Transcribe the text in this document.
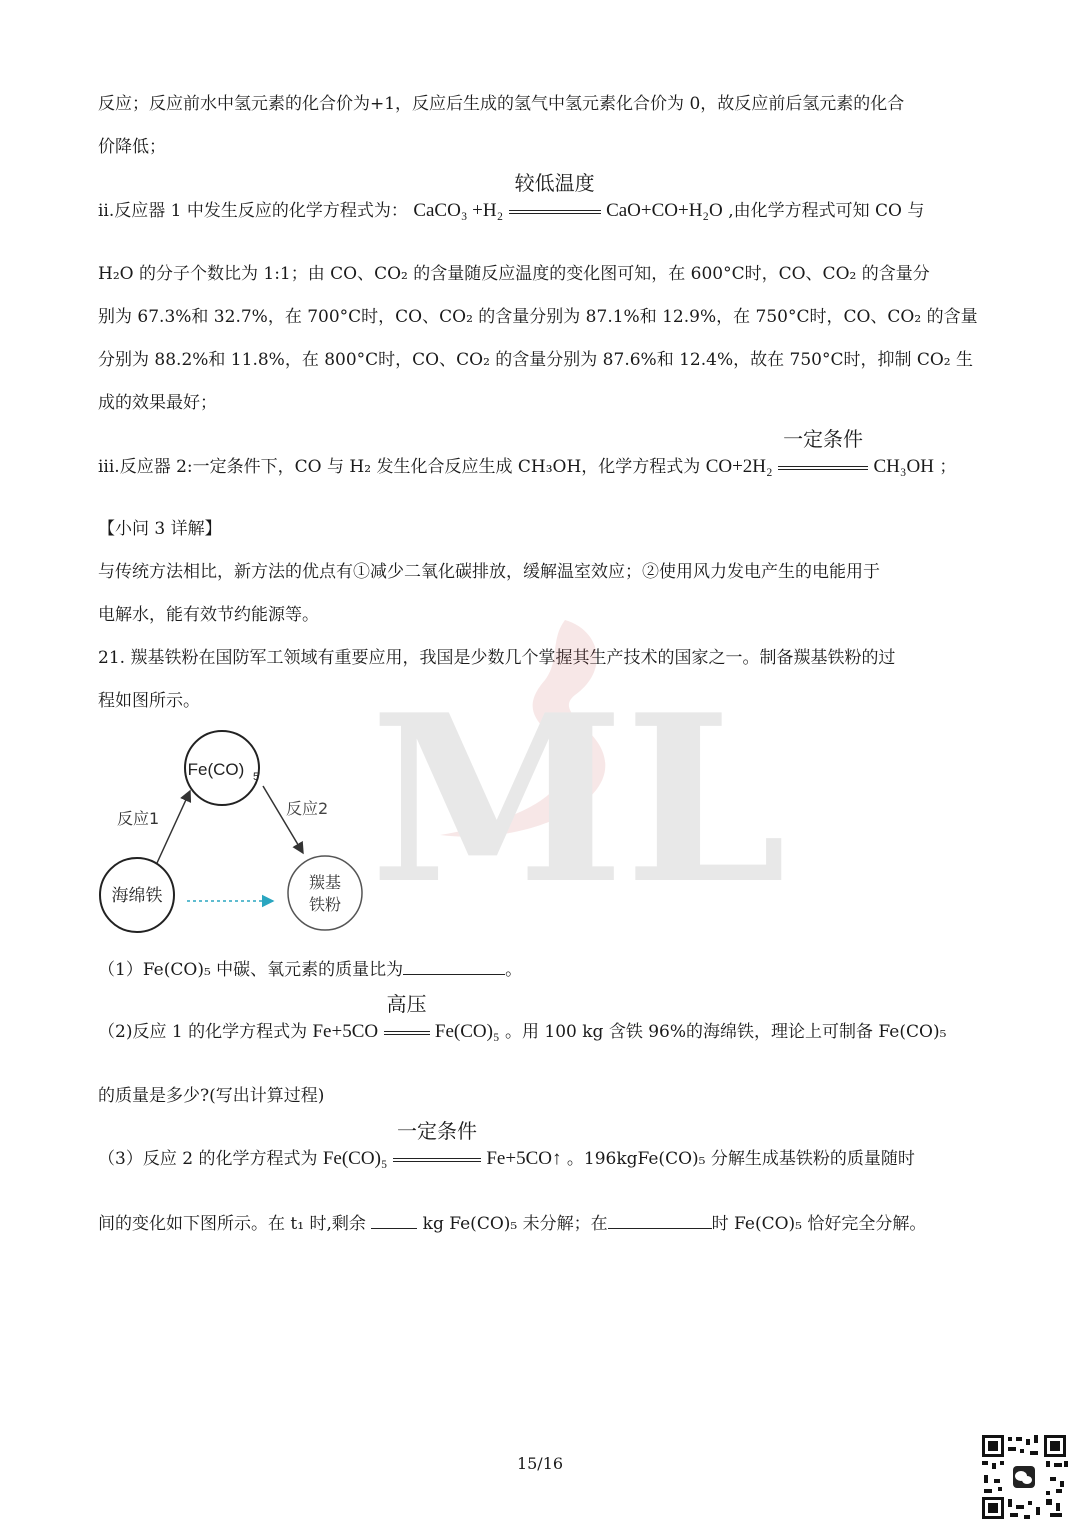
反应；反应前水中氢元素的化合价为+1，反应后生成的氢气中氢元素化合价为 0，故反应前后氢元素的化合
价降低；
ii.反应器 1 中发生反应的化学方程式为： CaCO₃ +H₂
较低温度
CaO+CO+H₂O ,由化学方程式可知 CO 与
H₂O 的分子个数比为 1:1；由 CO、CO₂ 的含量随反应温度的变化图可知，在 600°C时，CO、CO₂ 的含量分
别为 67.3%和 32.7%，在 700°C时，CO、CO₂ 的含量分别为 87.1%和 12.9%，在 750°C时，CO、CO₂ 的含量
分别为 88.2%和 11.8%，在 800°C时，CO、CO₂ 的含量分别为 87.6%和 12.4%，故在 750°C时，抑制 CO₂ 生
成的效果最好；
iii.反应器 2:一定条件下，CO 与 H₂ 发生化合反应生成 CH₃OH，化学方程式为 CO+2H₂
一定条件
CH₃OH ；
【小问 3 详解】
与传统方法相比，新方法的优点有①减少二氧化碳排放，缓解温室效应；②使用风力发电产生的电能用于
电解水，能有效节约能源等。
21. 羰基铁粉在国防军工领域有重要应用，我国是少数几个掌握其生产技术的国家之一。制备羰基铁粉的过
程如图所示。 ML
Fe(CO) 5
海绵铁
羰基
铁粉
反应1
反应2
（1）Fe(CO)₅ 中碳、氧元素的质量比为	。
（2)反应 1 的化学方程式为 Fe+5CO
高压
Fe(CO)₅ 。用 100 kg 含铁 96%的海绵铁，理论上可制备 Fe(CO)₅
的质量是多少?(写出计算过程)
（3）反应 2 的化学方程式为 Fe(CO)₅
一定条件
Fe+5CO↑ 。196kgFe(CO)₅ 分解生成基铁粉的质量随时
间的变化如下图所示。在 t₁ 时,剩余	kg Fe(CO)₅ 未分解；在	时 Fe(CO)₅ 恰好完全分解。
15/16
